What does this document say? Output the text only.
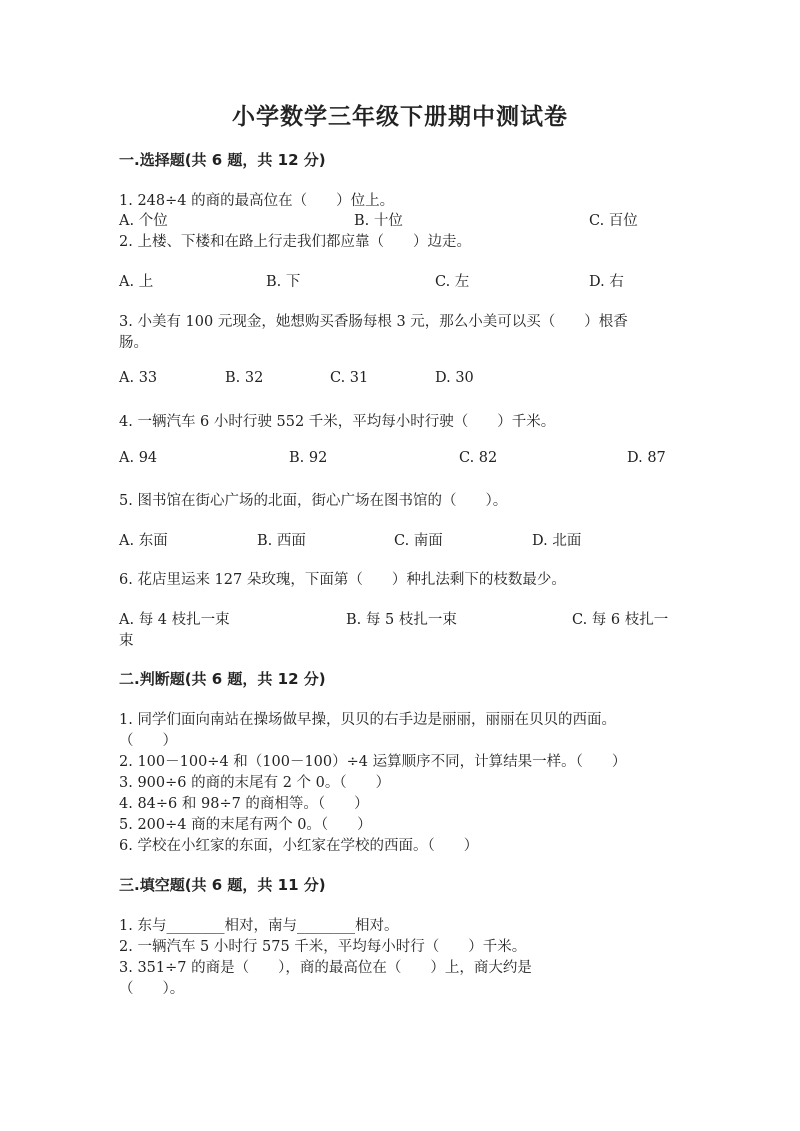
小学数学三年级下册期中测试卷
一.选择题(共 6 题，共 12 分)
1. 248÷4 的商的最高位在（　　）位上。
A. 个位	B. 十位	C. 百位
2. 上楼、下楼和在路上行走我们都应靠（　　）边走。
A. 上	B. 下	C. 左	D. 右
3. 小美有 100 元现金，她想购买香肠每根 3 元，那么小美可以买（　　）根香
肠。
A. 33	B. 32	C. 31	D. 30
4. 一辆汽车 6 小时行驶 552 千米，平均每小时行驶（　　）千米。
A. 94	B. 92	C. 82	D. 87
5. 图书馆在街心广场的北面，街心广场在图书馆的（　　）。
A. 东面	B. 西面	C. 南面	D. 北面
6. 花店里运来 127 朵玫瑰，下面第（　　）种扎法剩下的枝数最少。
A. 每 4 枝扎一束	B. 每 5 枝扎一束	C. 每 6 枝扎一
束
二.判断题(共 6 题，共 12 分)
1. 同学们面向南站在操场做早操，贝贝的右手边是丽丽，丽丽在贝贝的西面。
（　　）
2. 100－100÷4 和（100－100）÷4 运算顺序不同，计算结果一样。（　　）
3. 900÷6 的商的末尾有 2 个 0。（　　）
4. 84÷6 和 98÷7 的商相等。（　　）
5. 200÷4 商的末尾有两个 0。（　　）
6. 学校在小红家的东面，小红家在学校的西面。（　　）
三.填空题(共 6 题，共 11 分)
1. 东与________相对，南与________相对。
2. 一辆汽车 5 小时行 575 千米，平均每小时行（　　）千米。
3. 351÷7 的商是（　　），商的最高位在（　　）上，商大约是
（　　）。
